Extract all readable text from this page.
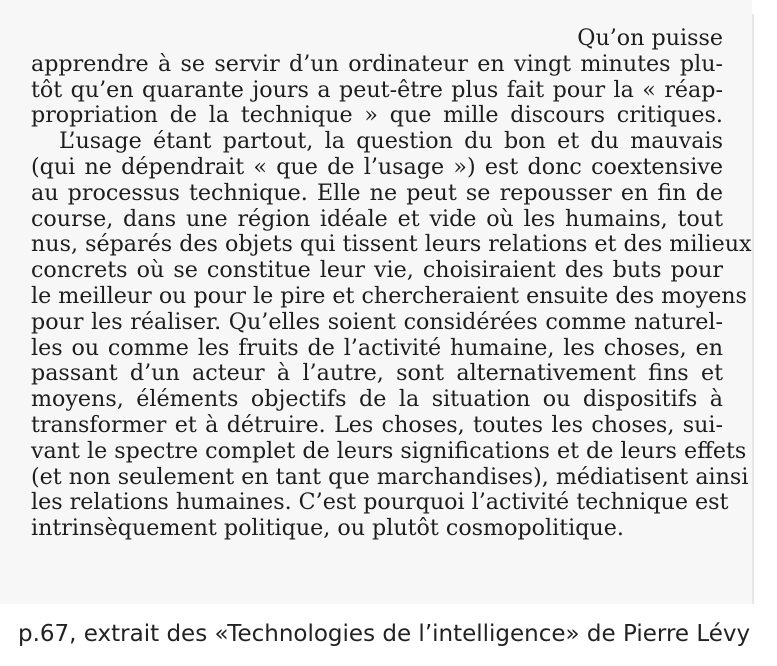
Qu’on puisse
apprendre à se servir d’un ordinateur en vingt minutes plu-
tôt qu’en quarante jours a peut-être plus fait pour la « réap-
propriation de la technique » que mille discours critiques.
L’usage étant partout, la question du bon et du mauvais
(qui ne dépendrait « que de l’usage ») est donc coextensive
au processus technique. Elle ne peut se repousser en fin de
course, dans une région idéale et vide où les humains, tout
nus, séparés des objets qui tissent leurs relations et des milieux
concrets où se constitue leur vie, choisiraient des buts pour
le meilleur ou pour le pire et chercheraient ensuite des moyens
pour les réaliser. Qu’elles soient considérées comme naturel-
les ou comme les fruits de l’activité humaine, les choses, en
passant d’un acteur à l’autre, sont alternativement fins et
moyens, éléments objectifs de la situation ou dispositifs à
transformer et à détruire. Les choses, toutes les choses, sui-
vant le spectre complet de leurs significations et de leurs effets
(et non seulement en tant que marchandises), médiatisent ainsi
les relations humaines. C’est pourquoi l’activité technique est
intrinsèquement politique, ou plutôt cosmopolitique.
p.67, extrait des «Technologies de l’intelligence» de Pierre Lévy
